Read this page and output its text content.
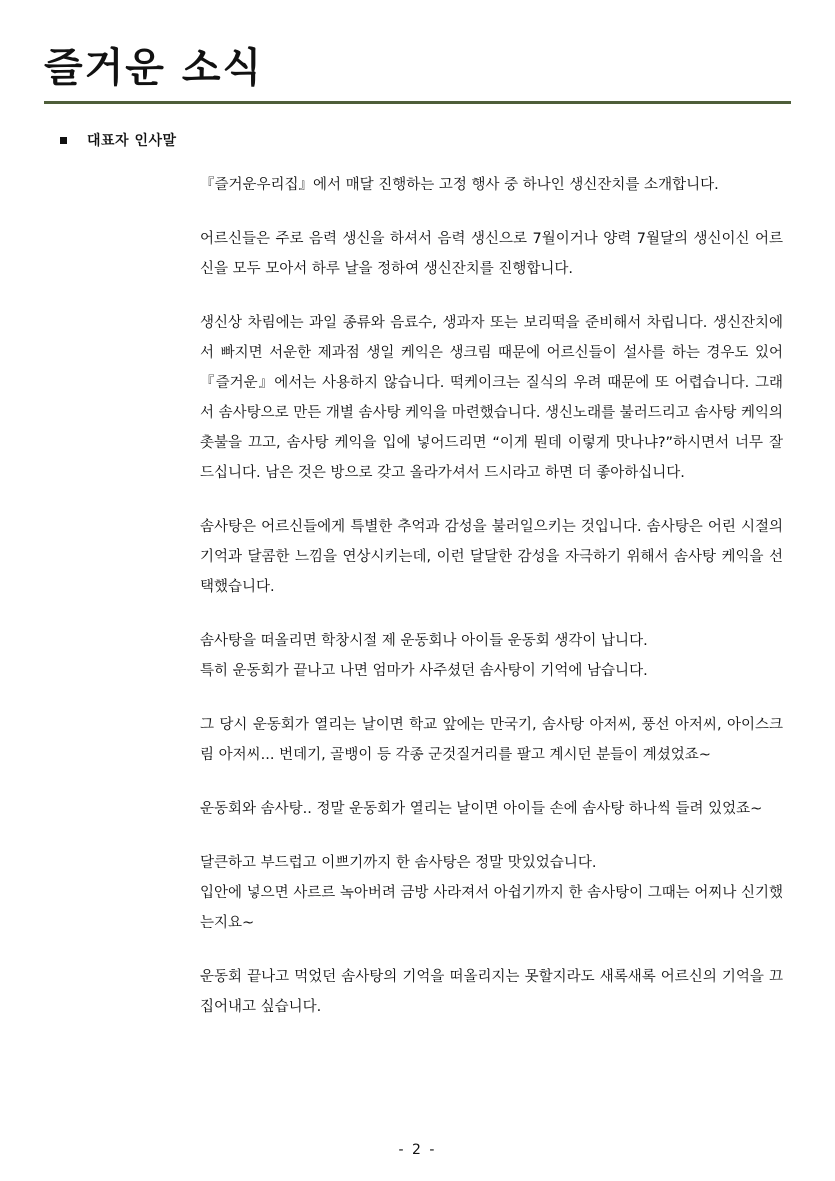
즐거운 소식
대표자 인사말

『즐거운우리집』에서 매달 진행하는 고정 행사 중 하나인 생신잔치를 소개합니다.

어르신들은 주로 음력 생신을 하셔서 음력 생신으로 7월이거나 양력 7월달의 생신이신 어르신을 모두 모아서 하루 날을 정하여 생신잔치를 진행합니다.

생신상 차림에는 과일 종류와 음료수, 생과자 또는 보리떡을 준비해서 차립니다. 생신잔치에서 빠지면 서운한 제과점 생일 케익은 생크림 때문에 어르신들이 설사를 하는 경우도 있어『즐거운』에서는 사용하지 않습니다. 떡케이크는 질식의 우려 때문에 또 어렵습니다. 그래서 솜사탕으로 만든 개별 솜사탕 케익을 마련했습니다. 생신노래를 불러드리고 솜사탕 케익의 촛불을 끄고, 솜사탕 케익을 입에 넣어드리면 “이게 뭔데 이렇게 맛나냐?”하시면서 너무 잘 드십니다. 남은 것은 방으로 갖고 올라가셔서 드시라고 하면 더 좋아하십니다.

솜사탕은 어르신들에게 특별한 추억과 감성을 불러일으키는 것입니다. 솜사탕은 어린 시절의 기억과 달콤한 느낌을 연상시키는데, 이런 달달한 감성을 자극하기 위해서 솜사탕 케익을 선택했습니다.

솜사탕을 떠올리면 학창시절 제 운동회나 아이들 운동회 생각이 납니다.
특히 운동회가 끝나고 나면 엄마가 사주셨던 솜사탕이 기억에 남습니다.

그 당시 운동회가 열리는 날이면 학교 앞에는 만국기, 솜사탕 아저씨, 풍선 아저씨, 아이스크림 아저씨... 번데기, 골뱅이 등 각종 군것질거리를 팔고 계시던 분들이 계셨었죠~

운동회와 솜사탕.. 정말 운동회가 열리는 날이면 아이들 손에 솜사탕 하나씩 들려 있었죠~

달큰하고 부드럽고 이쁘기까지 한 솜사탕은 정말 맛있었습니다.
입안에 넣으면 사르르 녹아버려 금방 사라져서 아쉽기까지 한 솜사탕이 그때는 어찌나 신기했는지요~

운동회 끝나고 먹었던 솜사탕의 기억을 떠올리지는 못할지라도 새록새록 어르신의 기억을 끄집어내고 싶습니다.

- 2 -
